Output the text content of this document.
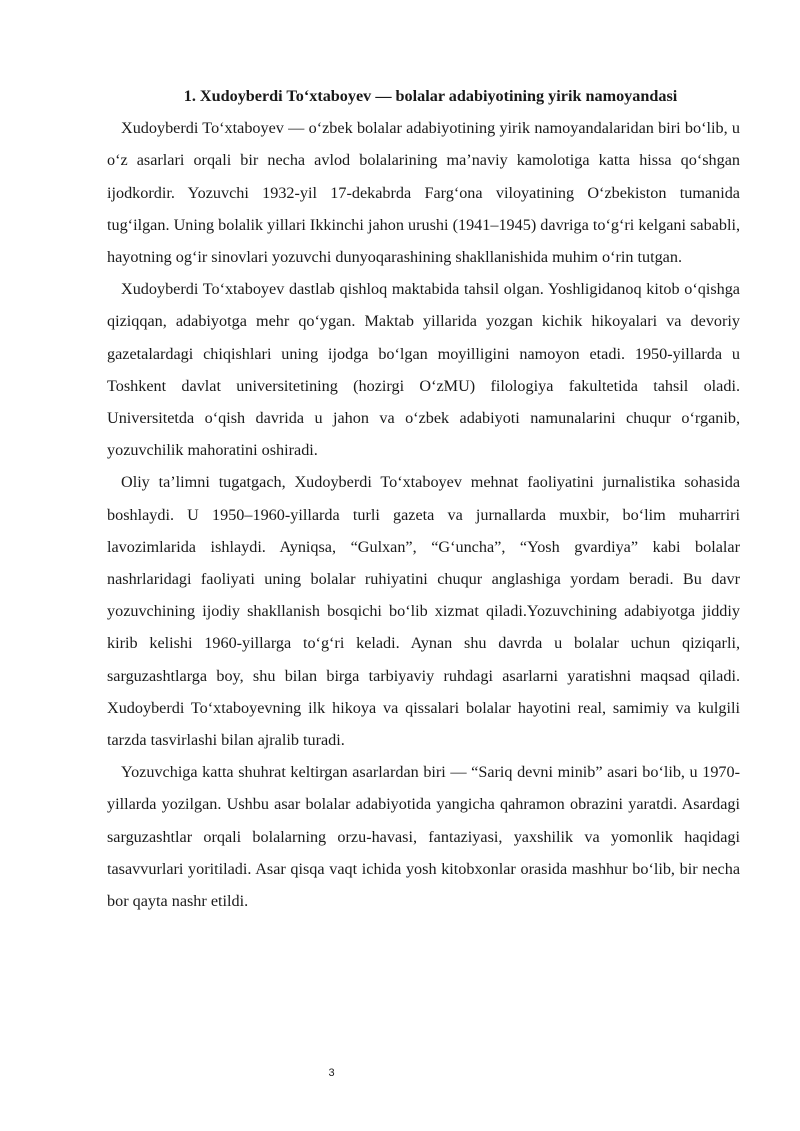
1. Xudoyberdi To‘xtaboyev — bolalar adabiyotining yirik namoyandasi

Xudoyberdi To‘xtaboyev — o‘zbek bolalar adabiyotining yirik namoyandalaridan biri bo‘lib, u o‘z asarlari orqali bir necha avlod bolalarining ma’naviy kamolotiga katta hissa qo‘shgan ijodkordir. Yozuvchi 1932-yil 17-dekabrda Farg‘ona viloyatining O‘zbekiston tumanida tug‘ilgan. Uning bolalik yillari Ikkinchi jahon urushi (1941–1945) davriga to‘g‘ri kelgani sababli, hayotning og‘ir sinovlari yozuvchi dunyoqarashining shakllanishida muhim o‘rin tutgan.

Xudoyberdi To‘xtaboyev dastlab qishloq maktabida tahsil olgan. Yoshligidanoq kitob o‘qishga qiziqqan, adabiyotga mehr qo‘ygan. Maktab yillarida yozgan kichik hikoyalari va devoriy gazetalardagi chiqishlari uning ijodga bo‘lgan moyilligini namoyon etadi. 1950-yillarda u Toshkent davlat universitetining (hozirgi O‘zMU) filologiya fakultetida tahsil oladi. Universitetda o‘qish davrida u jahon va o‘zbek adabiyoti namunalarini chuqur o‘rganib, yozuvchilik mahoratini oshiradi.

Oliy ta’limni tugatgach, Xudoyberdi To‘xtaboyev mehnat faoliyatini jurnalistika sohasida boshlaydi. U 1950–1960-yillarda turli gazeta va jurnallarda muxbir, bo‘lim muharriri lavozimlarida ishlaydi. Ayniqsa, “Gulxan”, “G‘uncha”, “Yosh gvardiya” kabi bolalar nashrlaridagi faoliyati uning bolalar ruhiyatini chuqur anglashiga yordam beradi. Bu davr yozuvchining ijodiy shakllanish bosqichi bo‘lib xizmat qiladi.Yozuvchining adabiyotga jiddiy kirib kelishi 1960-yillarga to‘g‘ri keladi. Aynan shu davrda u bolalar uchun qiziqarli, sarguzashtlarga boy, shu bilan birga tarbiyaviy ruhdagi asarlarni yaratishni maqsad qiladi. Xudoyberdi To‘xtaboyevning ilk hikoya va qissalari bolalar hayotini real, samimiy va kulgili tarzda tasvirlashi bilan ajralib turadi.

Yozuvchiga katta shuhrat keltirgan asarlardan biri — “Sariq devni minib” asari bo‘lib, u 1970-yillarda yozilgan. Ushbu asar bolalar adabiyotida yangicha qahramon obrazini yaratdi. Asardagi sarguzashtlar orqali bolalarning orzu-havasi, fantaziyasi, yaxshilik va yomonlik haqidagi tasavvurlari yoritiladi. Asar qisqa vaqt ichida yosh kitobxonlar orasida mashhur bo‘lib, bir necha bor qayta nashr etildi.

3
